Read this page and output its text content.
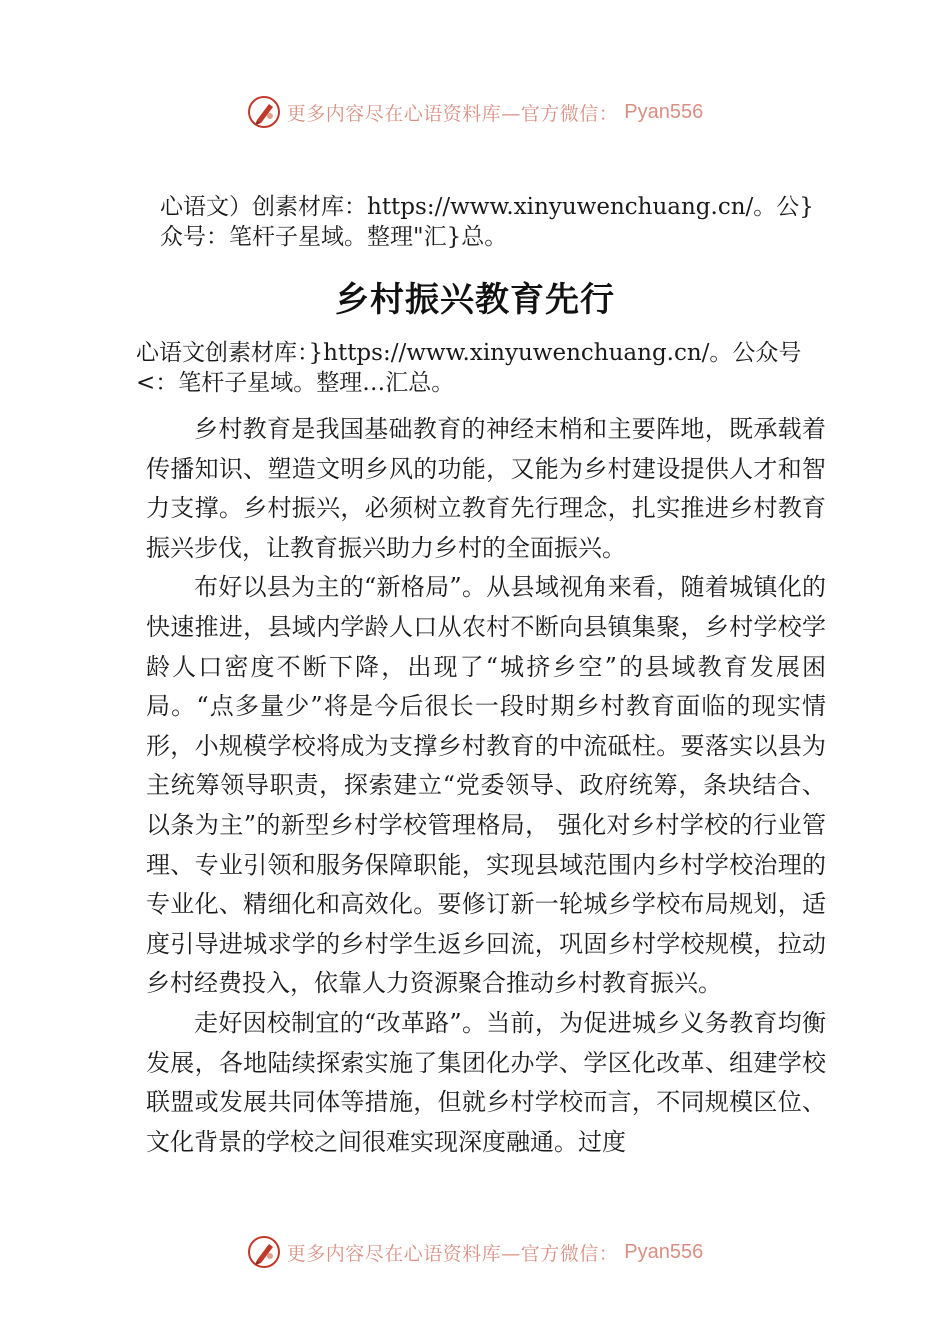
更多内容尽在心语资料库—官方微信： Pyan556
心语文）创素材库：https://www.xinyuwenchuang.cn/。公}
众号：笔杆子星域。整理"汇}总。
乡村振兴教育先行
心语文创素材库：}https://www.xinyuwenchuang.cn/。公众号
<：笔杆子星域。整理…汇总。

乡村教育是我国基础教育的神经末梢和主要阵地，既承载着传播知识、塑造文明乡风的功能，又能为乡村建设提供人才和智力支撑。乡村振兴，必须树立教育先行理念，扎实推进乡村教育振兴步伐，让教育振兴助力乡村的全面振兴。

布好以县为主的“新格局”。从县域视角来看，随着城镇化的快速推进，县域内学龄人口从农村不断向县镇集聚，乡村学校学龄人口密度不断下降，出现了“城挤乡空”的县域教育发展困局。“点多量少”将是今后很长一段时期乡村教育面临的现实情形，小规模学校将成为支撑乡村教育的中流砥柱。要落实以县为主统筹领导职责，探索建立“党委领导、政府统筹，条块结合、以条为主”的新型乡村学校管理格局， 强化对乡村学校的行业管理、专业引领和服务保障职能，实现县域范围内乡村学校治理的专业化、精细化和高效化。要修订新一轮城乡学校布局规划，适度引导进城求学的乡村学生返乡回流，巩固乡村学校规模，拉动乡村经费投入，依靠人力资源聚合推动乡村教育振兴。

走好因校制宜的“改革路”。当前，为促进城乡义务教育均衡发展，各地陆续探索实施了集团化办学、学区化改革、组建学校联盟或发展共同体等措施，但就乡村学校而言，不同规模区位、文化背景的学校之间很难实现深度融通。过度

更多内容尽在心语资料库—官方微信： Pyan556
